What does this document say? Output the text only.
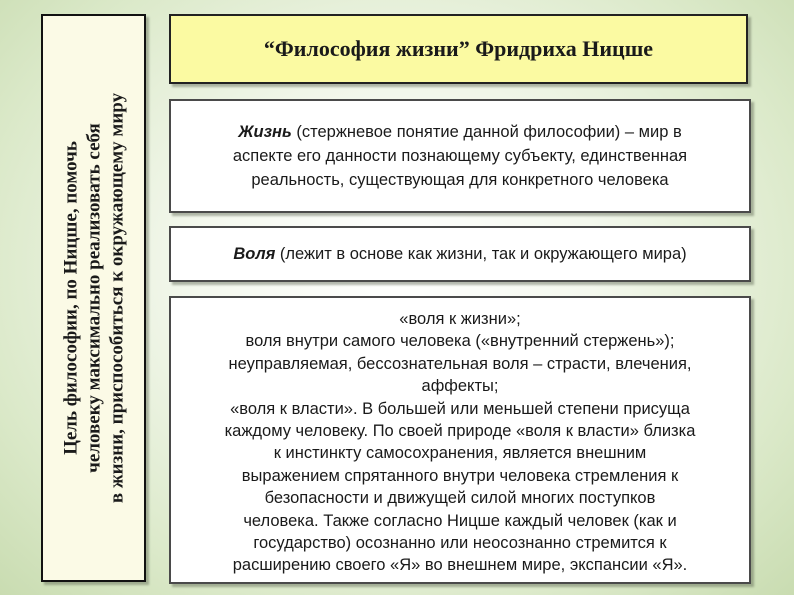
Цель философии, по Ницше, помочь человеку максимально реализовать себя в жизни, приспособиться к окружающему миру
“Философия жизни” Фридриха Ницше
Жизнь (стержневое понятие данной философии) – мир в
аспекте его данности познающему субъекту, единственная
реальность, существующая для конкретного человека
Воля (лежит в основе как жизни, так и окружающего мира)
«воля к жизни»;
воля внутри самого человека («внутренний стержень»);
неуправляемая, бессознательная воля – страсти, влечения,
аффекты;
«воля к власти». В большей или меньшей степени присуща
каждому человеку. По своей природе «воля к власти» близка
к инстинкту самосохранения, является внешним
выражением спрятанного внутри человека стремления к
безопасности и движущей силой многих поступков
человека. Также согласно Ницше каждый человек (как и
государство) осознанно или неосознанно стремится к
расширению своего «Я» во внешнем мире, экспансии «Я».
